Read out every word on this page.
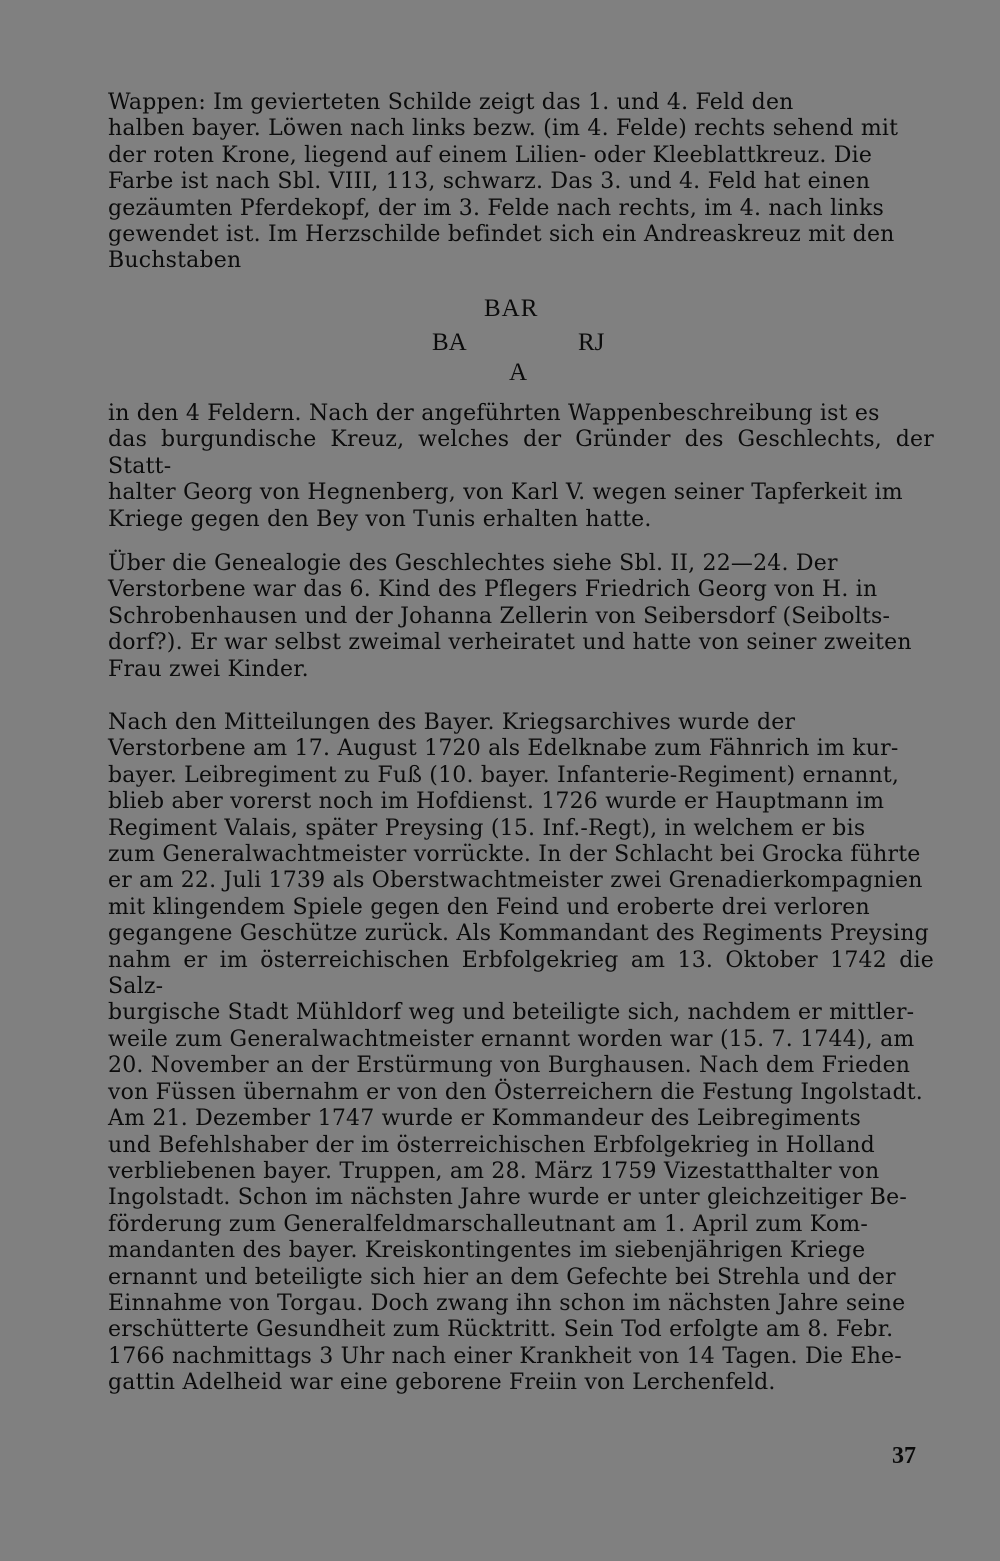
Wappen: Im gevierteten Schilde zeigt das 1. und 4. Feld den
halben bayer. Löwen nach links bezw. (im 4. Felde) rechts sehend mit
der roten Krone, liegend auf einem Lilien- oder Kleeblattkreuz. Die
Farbe ist nach Sbl. VIII, 113, schwarz. Das 3. und 4. Feld hat einen
gezäumten Pferdekopf, der im 3. Felde nach rechts, im 4. nach links
gewendet ist. Im Herzschilde befindet sich ein Andreaskreuz mit den
Buchstaben

BAR
BA	RJ
A

in den 4 Feldern. Nach der angeführten Wappenbeschreibung ist es
das burgundische Kreuz, welches der Gründer des Geschlechts, der Statt-
halter Georg von Hegnenberg, von Karl V. wegen seiner Tapferkeit im
Kriege gegen den Bey von Tunis erhalten hatte.

Über die Genealogie des Geschlechtes siehe Sbl. II, 22—24. Der
Verstorbene war das 6. Kind des Pflegers Friedrich Georg von H. in
Schrobenhausen und der Johanna Zellerin von Seibersdorf (Seibolts-
dorf?). Er war selbst zweimal verheiratet und hatte von seiner zweiten
Frau zwei Kinder.

Nach den Mitteilungen des Bayer. Kriegsarchives wurde der
Verstorbene am 17. August 1720 als Edelknabe zum Fähnrich im kur-
bayer. Leibregiment zu Fuß (10. bayer. Infanterie-Regiment) ernannt,
blieb aber vorerst noch im Hofdienst. 1726 wurde er Hauptmann im
Regiment Valais, später Preysing (15. Inf.-Regt), in welchem er bis
zum Generalwachtmeister vorrückte. In der Schlacht bei Grocka führte
er am 22. Juli 1739 als Oberstwachtmeister zwei Grenadierkompagnien
mit klingendem Spiele gegen den Feind und eroberte drei verloren
gegangene Geschütze zurück. Als Kommandant des Regiments Preysing
nahm er im österreichischen Erbfolgekrieg am 13. Oktober 1742 die Salz-
burgische Stadt Mühldorf weg und beteiligte sich, nachdem er mittler-
weile zum Generalwachtmeister ernannt worden war (15. 7. 1744), am
20. November an der Erstürmung von Burghausen. Nach dem Frieden
von Füssen übernahm er von den Österreichern die Festung Ingolstadt.
Am 21. Dezember 1747 wurde er Kommandeur des Leibregiments
und Befehlshaber der im österreichischen Erbfolgekrieg in Holland
verbliebenen bayer. Truppen, am 28. März 1759 Vizestatthalter von
Ingolstadt. Schon im nächsten Jahre wurde er unter gleichzeitiger Be-
förderung zum Generalfeldmarschalleutnant am 1. April zum Kom-
mandanten des bayer. Kreiskontingentes im siebenjährigen Kriege
ernannt und beteiligte sich hier an dem Gefechte bei Strehla und der
Einnahme von Torgau. Doch zwang ihn schon im nächsten Jahre seine
erschütterte Gesundheit zum Rücktritt. Sein Tod erfolgte am 8. Febr.
1766 nachmittags 3 Uhr nach einer Krankheit von 14 Tagen. Die Ehe-
gattin Adelheid war eine geborene Freiin von Lerchenfeld.

37
